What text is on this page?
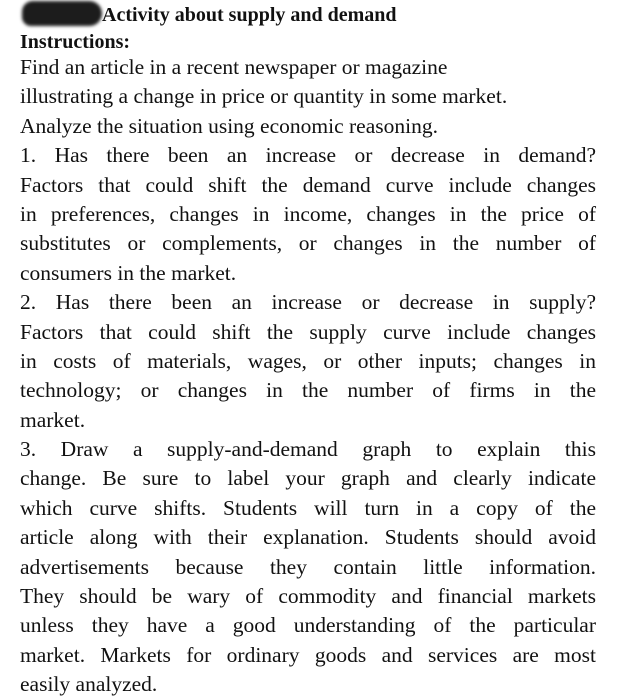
Activity about supply and demand
Instructions:
Find an article in a recent newspaper or magazine
illustrating a change in price or quantity in some market.
Analyze the situation using economic reasoning.
1. Has there been an increase or decrease in demand?
Factors that could shift the demand curve include changes
in preferences, changes in income, changes in the price of
substitutes or complements, or changes in the number of
consumers in the market.
2. Has there been an increase or decrease in supply?
Factors that could shift the supply curve include changes
in costs of materials, wages, or other inputs; changes in
technology; or changes in the number of firms in the
market.
3. Draw a supply-and-demand graph to explain this
change. Be sure to label your graph and clearly indicate
which curve shifts. Students will turn in a copy of the
article along with their explanation. Students should avoid
advertisements because they contain little information.
They should be wary of commodity and financial markets
unless they have a good understanding of the particular
market. Markets for ordinary goods and services are most
easily analyzed.
